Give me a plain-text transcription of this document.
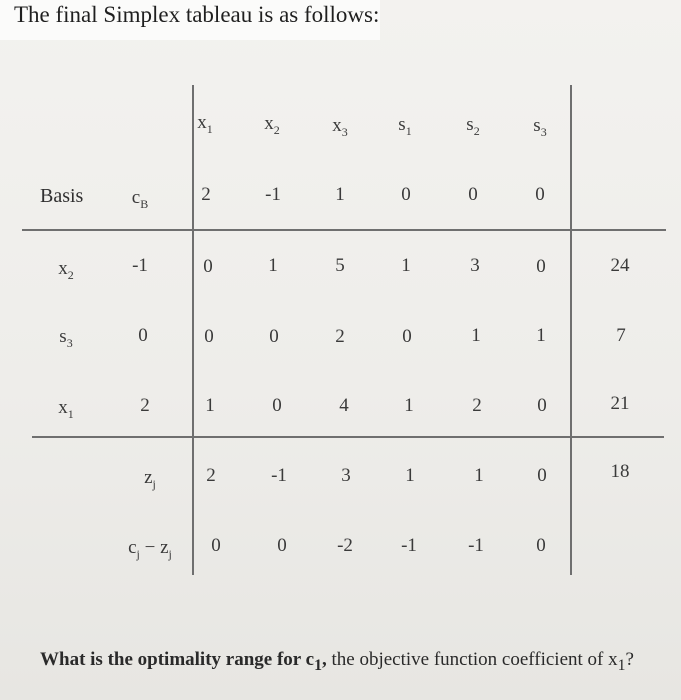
The final Simplex tableau is as follows:
Basis	$c_B$
$x_1$	$x_2$	$x_3$	$s_1$	$s_2$	$s_3$
2	-1	1	0	0	0
$x_2$	-1	0	1	5	1	3	0	24
$s_3$	0	0	0	2	0	1	1	7
$x_1$	2	1	0	4	1	2	0	21
$z_j$	2	-1	3	1	1	0	18
$c_j - z_j$ 0	0	-2	-1	-1	0
What is the optimality range for $c_1$, the objective function coefficient of $x_1$?
